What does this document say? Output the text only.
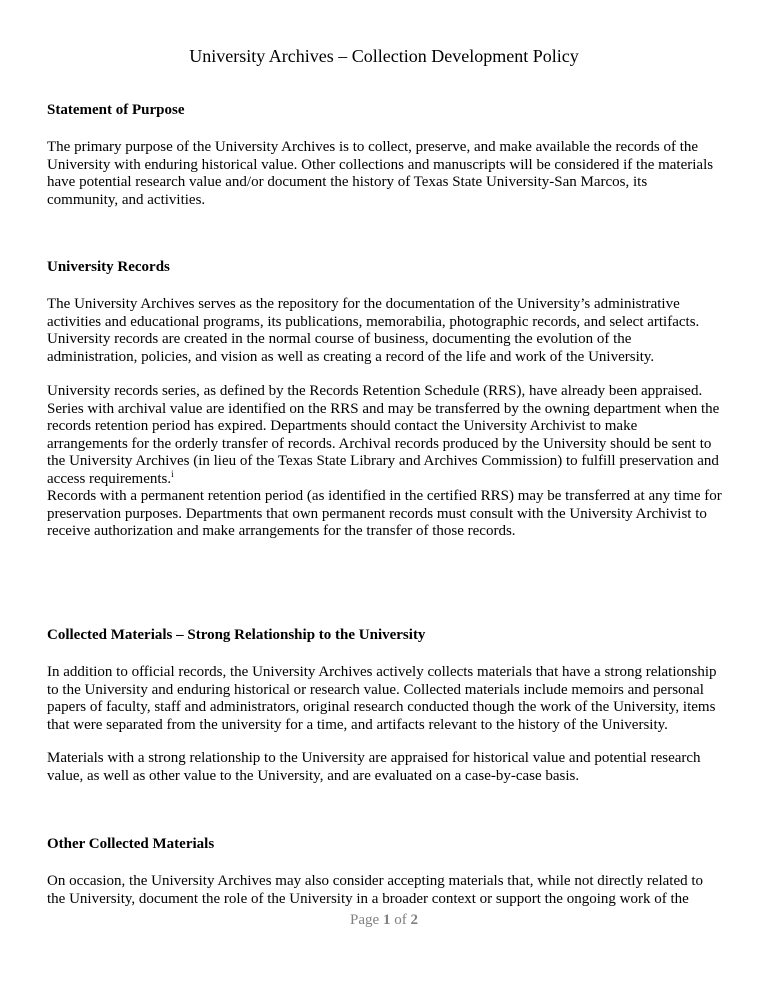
University Archives – Collection Development Policy
Statement of Purpose
The primary purpose of the University Archives is to collect, preserve, and make available the records of the
University with enduring historical value. Other collections and manuscripts will be considered if the materials
have potential research value and/or document the history of Texas State University-San Marcos, its
community, and activities.
University Records
The University Archives serves as the repository for the documentation of the University’s administrative
activities and educational programs, its publications, memorabilia, photographic records, and select artifacts.
University records are created in the normal course of business, documenting the evolution of the
administration, policies, and vision as well as creating a record of the life and work of the University.
University records series, as defined by the Records Retention Schedule (RRS), have already been appraised.
Series with archival value are identified on the RRS and may be transferred by the owning department when the
records retention period has expired. Departments should contact the University Archivist to make
arrangements for the orderly transfer of records. Archival records produced by the University should be sent to
the University Archives (in lieu of the Texas State Library and Archives Commission) to fulfill preservation and
access requirements.$^i$
Records with a permanent retention period (as identified in the certified RRS) may be transferred at any time for
preservation purposes. Departments that own permanent records must consult with the University Archivist to
receive authorization and make arrangements for the transfer of those records.
Collected Materials – Strong Relationship to the University
In addition to official records, the University Archives actively collects materials that have a strong relationship
to the University and enduring historical or research value. Collected materials include memoirs and personal
papers of faculty, staff and administrators, original research conducted though the work of the University, items
that were separated from the university for a time, and artifacts relevant to the history of the University.
Materials with a strong relationship to the University are appraised for historical value and potential research
value, as well as other value to the University, and are evaluated on a case-by-case basis.
Other Collected Materials
On occasion, the University Archives may also consider accepting materials that, while not directly related to
the University, document the role of the University in a broader context or support the ongoing work of the
Page 1 of 2
